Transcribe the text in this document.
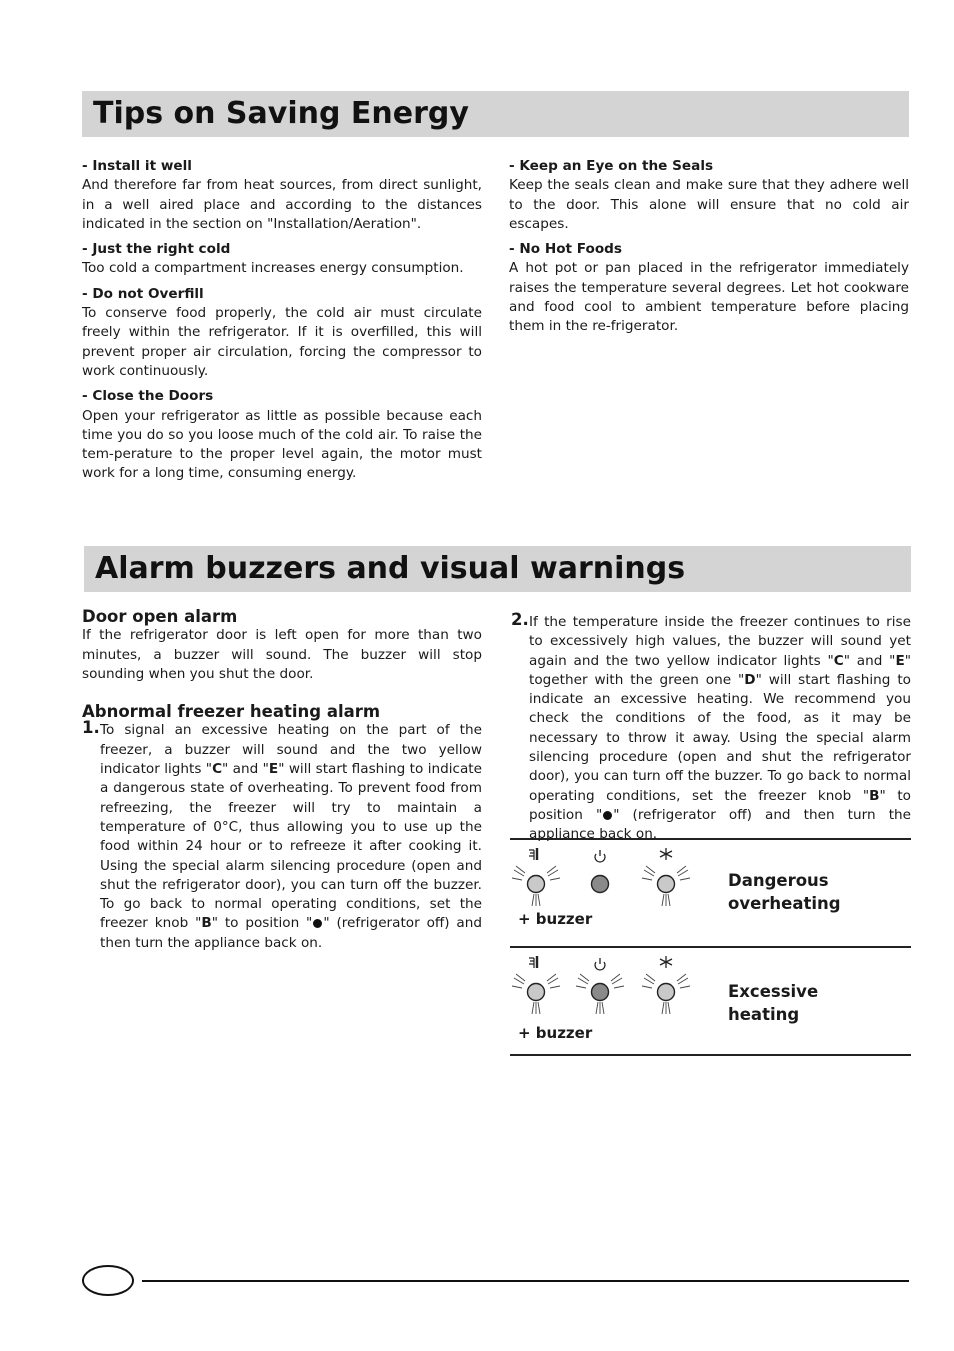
Tips on Saving Energy

- Install it well

And therefore far from heat sources, from direct sunlight, in a well aired place and according to the distances indicated in the section on "Installation/Aeration".

- Just the right cold

Too cold a compartment increases energy consumption.

- Do not Overfill

To conserve food properly, the cold air must circulate freely within the refrigerator. If it is overfilled, this will prevent proper air circulation, forcing the compressor to work continuously.

- Close the Doors

Open your refrigerator as little as possible because each time you do so you loose much of the cold air. To raise the tem-perature to the proper level again, the motor must work for a long time, consuming energy.

- Keep an Eye on the Seals

Keep the seals clean and make sure that they adhere well to the door. This alone will ensure that no cold air escapes.

- No Hot Foods

A hot pot or pan placed in the refrigerator immediately raises the temperature several degrees. Let hot cookware and food cool to ambient temperature before placing them in the re-frigerator.

Alarm buzzers and visual warnings

Door open alarm

If the refrigerator door is left open for more than two minutes, a buzzer will sound. The buzzer will stop sounding when you shut the door.

Abnormal freezer heating alarm

1. To signal an excessive heating on the part of the freezer, a buzzer will sound and the two yellow indicator lights "C" and "E" will start flashing to indicate a dangerous state of overheating. To prevent food from refreezing, the freezer will try to maintain a temperature of 0°C, thus allowing you to use up the food within 24 hour or to refreeze it after cooking it. Using the special alarm silencing procedure (open and shut the refrigerator door), you can turn off the buzzer. To go back to normal operating conditions, set the freezer knob "B" to position " " (refrigerator off) and then turn the appliance back on.

2. If the temperature inside the freezer continues to rise to excessively high values, the buzzer will sound yet again and the two yellow indicator lights "C" and "E" together with the green one "D" will start flashing to indicate an excessive heating. We recommend you check the conditions of the food, as it may be necessary to throw it away. Using the special alarm silencing procedure (open and shut the refrigerator door), you can turn off the buzzer. To go back to normal operating conditions, set the freezer knob "B" to position " " (refrigerator off) and then turn the appliance back on.

+ buzzer
Dangerous
overheating
+ buzzer
Excessive
heating
